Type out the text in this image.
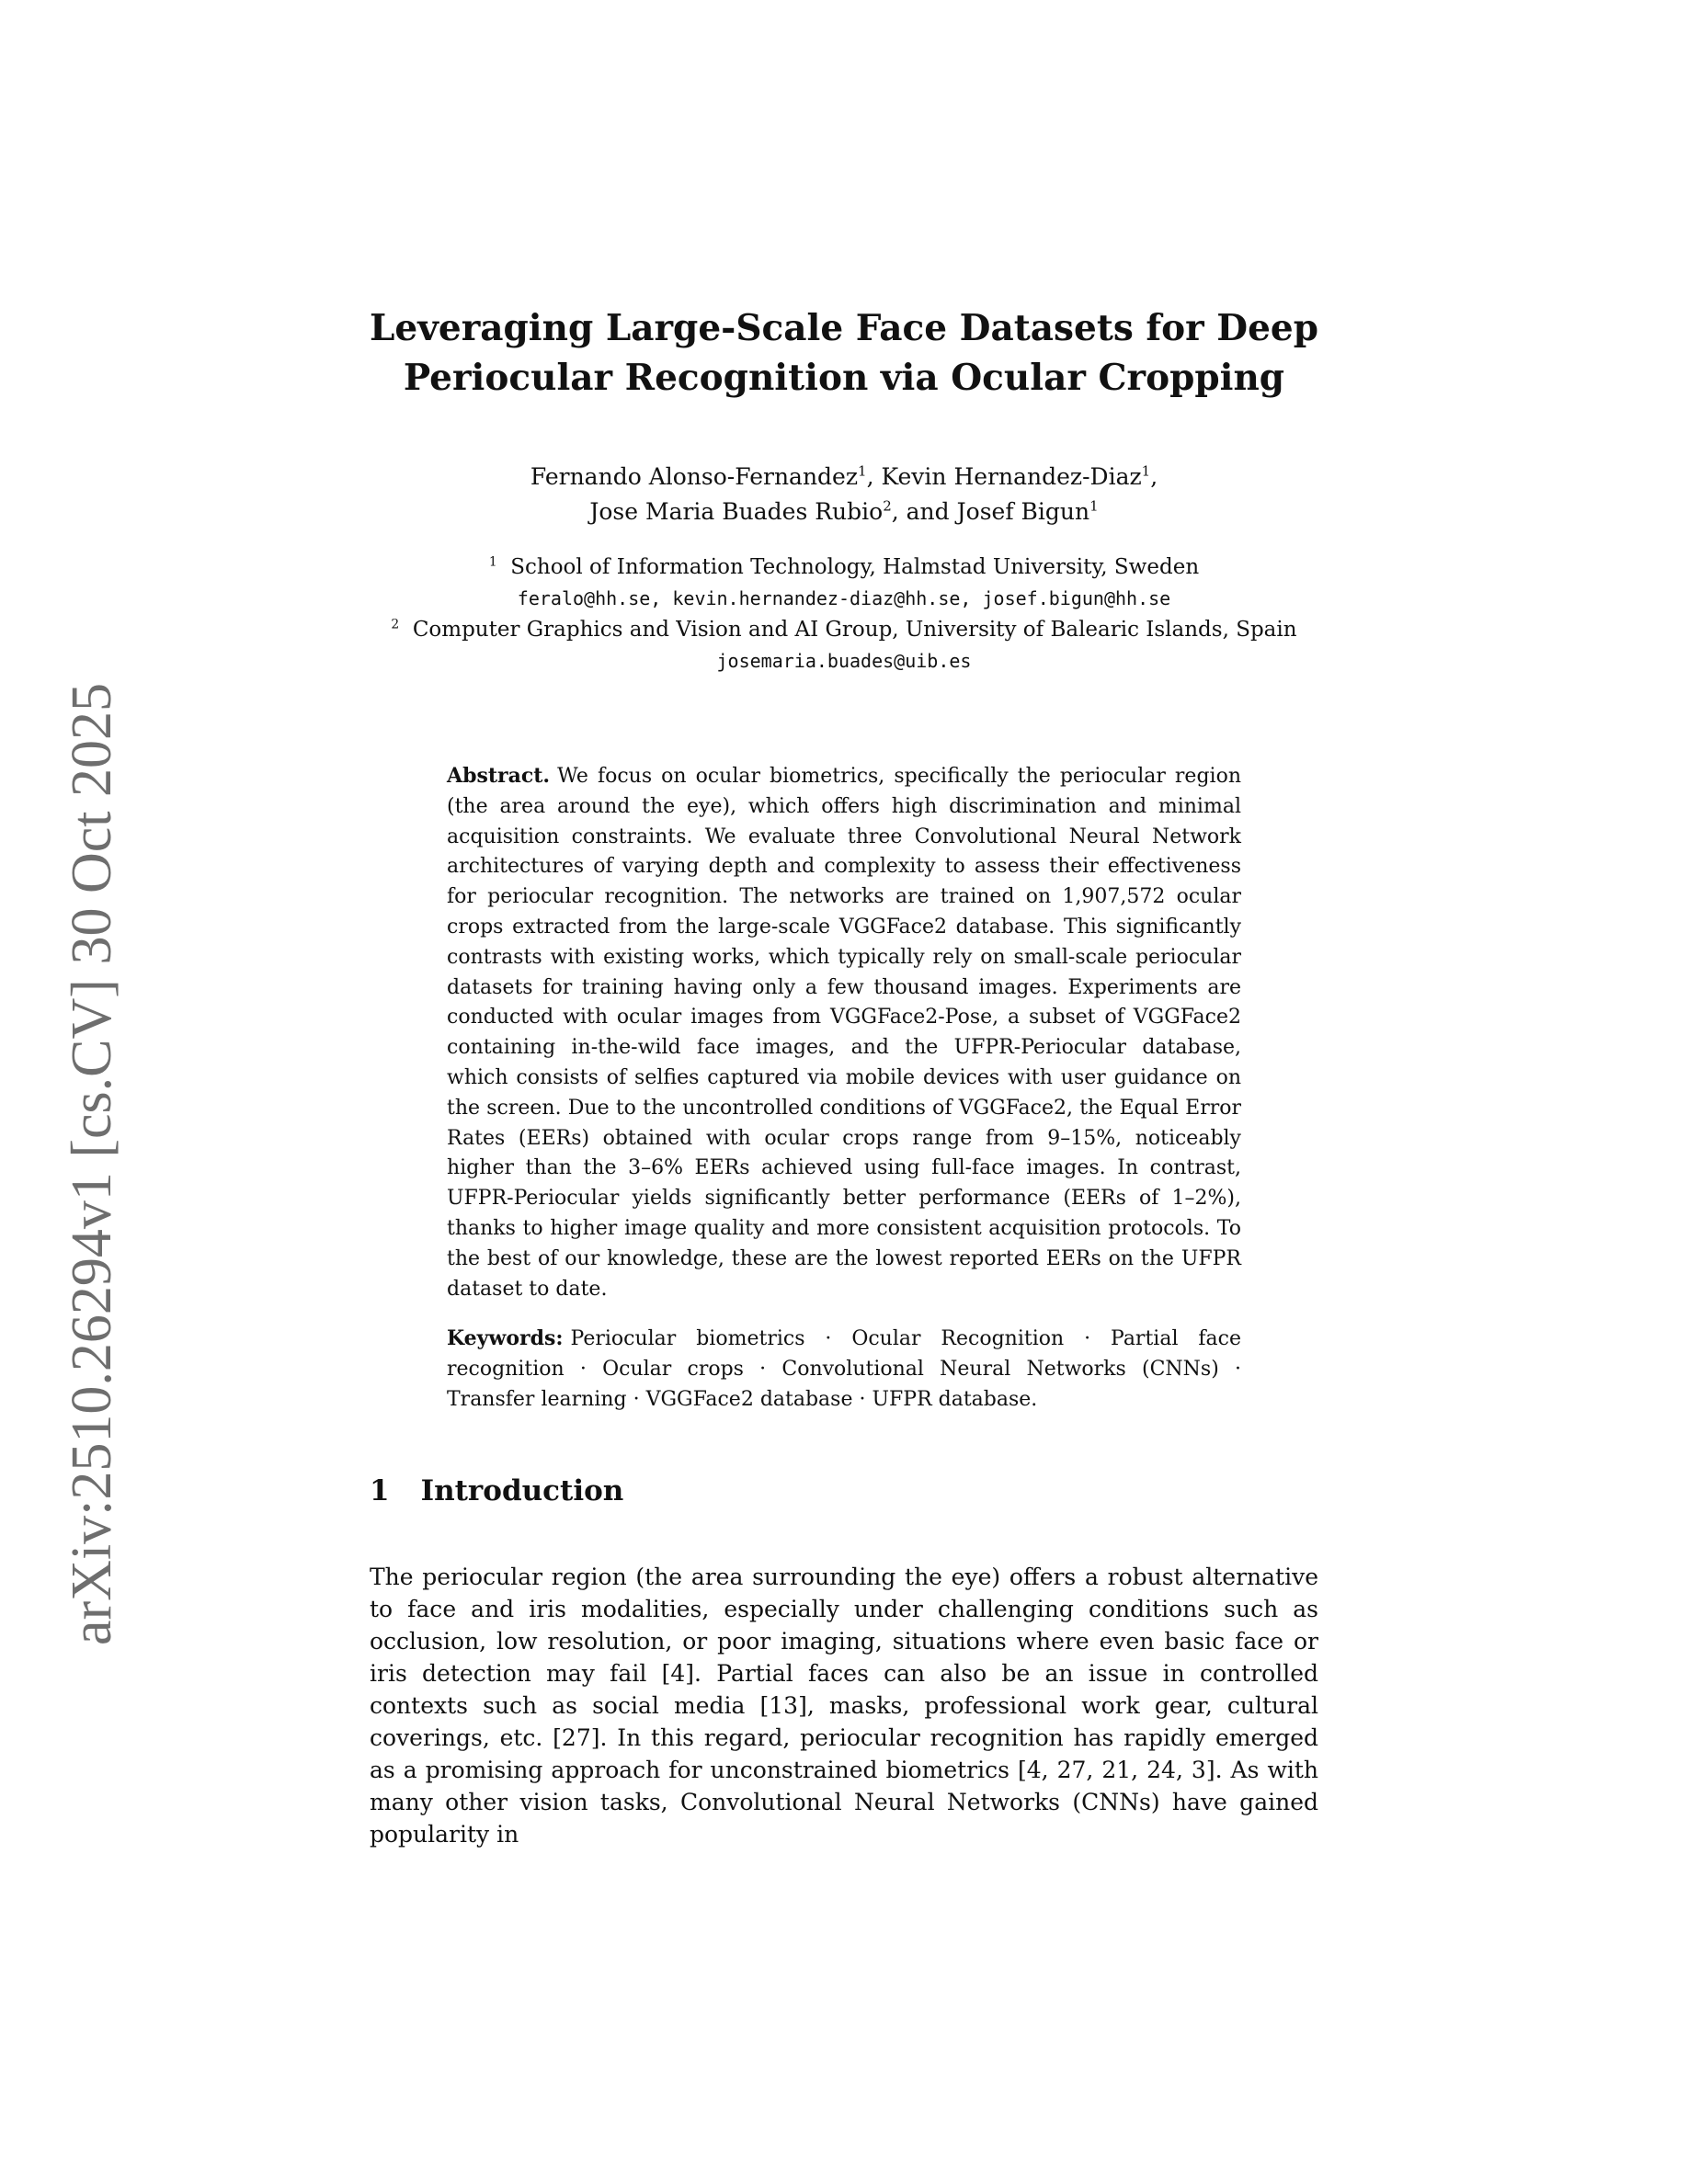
arXiv:2510.26294v1 [cs.CV] 30 Oct 2025
Leveraging Large-Scale Face Datasets for Deep
Periocular Recognition via Ocular Cropping
Fernando Alonso-Fernandez$^1$, Kevin Hernandez-Diaz$^1$,
Jose Maria Buades Rubio$^2$, and Josef Bigun$^1$
$^1$ School of Information Technology, Halmstad University, Sweden
feralo@hh.se, kevin.hernandez-diaz@hh.se, josef.bigun@hh.se
$^2$ Computer Graphics and Vision and AI Group, University of Balearic Islands, Spain
josemaria.buades@uib.es
Abstract. We focus on ocular biometrics, specifically the periocular region (the area around the eye), which offers high discrimination and minimal acquisition constraints. We evaluate three Convolutional Neural Network architectures of varying depth and complexity to assess their effectiveness for periocular recognition. The networks are trained on 1,907,572 ocular crops extracted from the large-scale VGGFace2 database. This significantly contrasts with existing works, which typically rely on small-scale periocular datasets for training having only a few thousand images. Experiments are conducted with ocular images from VGGFace2-Pose, a subset of VGGFace2 containing in-the-wild face images, and the UFPR-Periocular database, which consists of selfies captured via mobile devices with user guidance on the screen. Due to the uncontrolled conditions of VGGFace2, the Equal Error Rates (EERs) obtained with ocular crops range from 9–15%, noticeably higher than the 3–6% EERs achieved using full-face images. In contrast, UFPR-Periocular yields significantly better performance (EERs of 1–2%), thanks to higher image quality and more consistent acquisition protocols. To the best of our knowledge, these are the lowest reported EERs on the UFPR dataset to date.
Keywords: Periocular biometrics · Ocular Recognition · Partial face recognition · Ocular crops · Convolutional Neural Networks (CNNs) · Transfer learning · VGGFace2 database · UFPR database.
1 Introduction
The periocular region (the area surrounding the eye) offers a robust alternative to face and iris modalities, especially under challenging conditions such as occlusion, low resolution, or poor imaging, situations where even basic face or iris detection may fail [4]. Partial faces can also be an issue in controlled contexts such as social media [13], masks, professional work gear, cultural coverings, etc. [27]. In this regard, periocular recognition has rapidly emerged as a promising approach for unconstrained biometrics [4, 27, 21, 24, 3]. As with many other vision tasks, Convolutional Neural Networks (CNNs) have gained popularity in
